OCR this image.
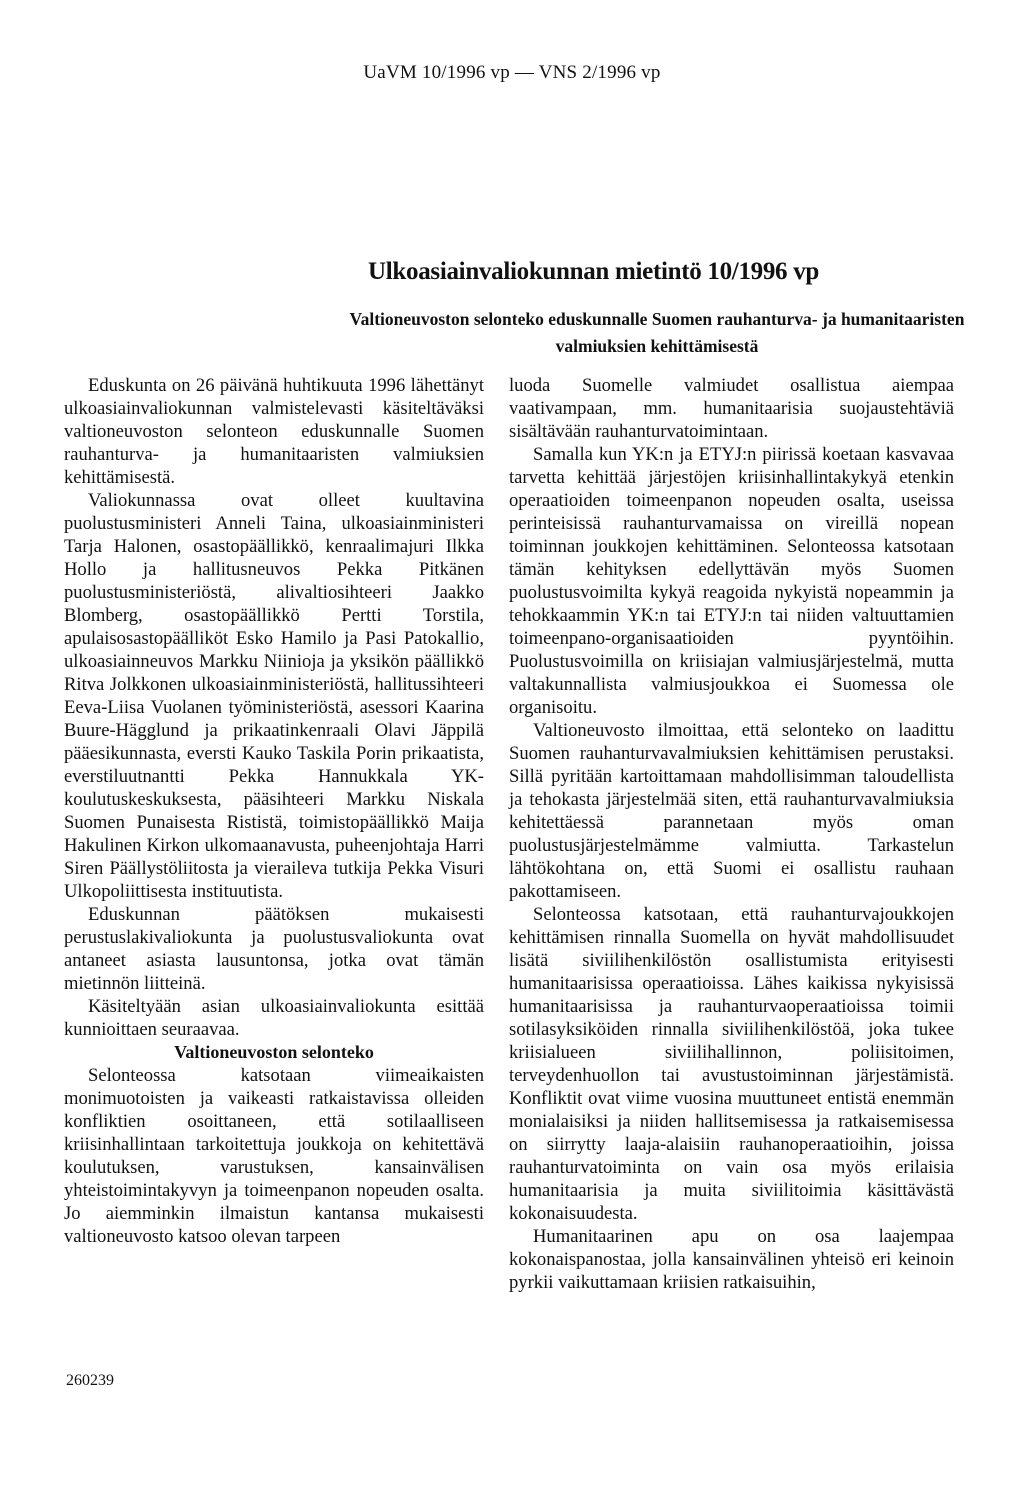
UaVM 10/1996 vp — VNS 2/1996 vp
Ulkoasiainvaliokunnan mietintö 10/1996 vp
Valtioneuvoston selonteko eduskunnalle Suomen rauhanturva- ja humanitaaristen valmiuksien kehittämisestä

Eduskunta on 26 päivänä huhtikuuta 1996 lähettänyt ulkoasiainvaliokunnan valmistelevasti käsiteltäväksi valtioneuvoston selonteon eduskunnalle Suomen rauhanturva- ja humanitaaristen valmiuksien kehittämisestä.

Valiokunnassa ovat olleet kuultavina puolustusministeri Anneli Taina, ulkoasiainministeri Tarja Halonen, osastopäällikkö, kenraalimajuri Ilkka Hollo ja hallitusneuvos Pekka Pitkänen puolustusministeriöstä, alivaltiosihteeri Jaakko Blomberg, osastopäällikkö Pertti Torstila, apulaisosastopäälliköt Esko Hamilo ja Pasi Patokallio, ulkoasiainneuvos Markku Niinioja ja yksikön päällikkö Ritva Jolkkonen ulkoasiainministeriöstä, hallitussihteeri Eeva-Liisa Vuolanen työministeriöstä, asessori Kaarina Buure-Hägglund ja prikaatinkenraali Olavi Jäppilä pääesikunnasta, eversti Kauko Taskila Porin prikaatista, everstiluutnantti Pekka Hannukkala YK-koulutuskeskuksesta, pääsihteeri Markku Niskala Suomen Punaisesta Rististä, toimistopäällikkö Maija Hakulinen Kirkon ulkomaanavusta, puheenjohtaja Harri Siren Päällystöliitosta ja vieraileva tutkija Pekka Visuri Ulkopoliittisesta instituutista.

Eduskunnan päätöksen mukaisesti perustuslakivaliokunta ja puolustusvaliokunta ovat antaneet asiasta lausuntonsa, jotka ovat tämän mietinnön liitteinä.

Käsiteltyään asian ulkoasiainvaliokunta esittää kunnioittaen seuraavaa.

Valtioneuvoston selonteko

Selonteossa katsotaan viimeaikaisten monimuotoisten ja vaikeasti ratkaistavissa olleiden konfliktien osoittaneen, että sotilaalliseen kriisinhallintaan tarkoitettuja joukkoja on kehitettävä koulutuksen, varustuksen, kansainvälisen yhteistoimintakyvyn ja toimeenpanon nopeuden osalta. Jo aiemminkin ilmaistun kantansa mukaisesti valtioneuvosto katsoo olevan tarpeen

luoda Suomelle valmiudet osallistua aiempaa vaativampaan, mm. humanitaarisia suojaustehtäviä sisältävään rauhanturvatoimintaan.

Samalla kun YK:n ja ETYJ:n piirissä koetaan kasvavaa tarvetta kehittää järjestöjen kriisinhallintakykyä etenkin operaatioiden toimeenpanon nopeuden osalta, useissa perinteisissä rauhanturvamaissa on vireillä nopean toiminnan joukkojen kehittäminen. Selonteossa katsotaan tämän kehityksen edellyttävän myös Suomen puolustusvoimilta kykyä reagoida nykyistä nopeammin ja tehokkaammin YK:n tai ETYJ:n tai niiden valtuuttamien toimeenpano-organisaatioiden pyyntöihin. Puolustusvoimilla on kriisiajan valmiusjärjestelmä, mutta valtakunnallista valmiusjoukkoa ei Suomessa ole organisoitu.

Valtioneuvosto ilmoittaa, että selonteko on laadittu Suomen rauhanturvavalmiuksien kehittämisen perustaksi. Sillä pyritään kartoittamaan mahdollisimman taloudellista ja tehokasta järjestelmää siten, että rauhanturvavalmiuksia kehitettäessä parannetaan myös oman puolustusjärjestelmämme valmiutta. Tarkastelun lähtökohtana on, että Suomi ei osallistu rauhaan pakottamiseen.

Selonteossa katsotaan, että rauhanturvajoukkojen kehittämisen rinnalla Suomella on hyvät mahdollisuudet lisätä siviilihenkilöstön osallistumista erityisesti humanitaarisissa operaatioissa. Lähes kaikissa nykyisissä humanitaarisissa ja rauhanturvaoperaatioissa toimii sotilasyksiköiden rinnalla siviilihenkilöstöä, joka tukee kriisialueen siviilihallinnon, poliisitoimen, terveydenhuollon tai avustustoiminnan järjestämistä. Konfliktit ovat viime vuosina muuttuneet entistä enemmän monialaisiksi ja niiden hallitsemisessa ja ratkaisemisessa on siirrytty laaja-alaisiin rauhanoperaatioihin, joissa rauhanturvatoiminta on vain osa myös erilaisia humanitaarisia ja muita siviilitoimia käsittävästä kokonaisuudesta.

Humanitaarinen apu on osa laajempaa kokonaispanostaa, jolla kansainvälinen yhteisö eri keinoin pyrkii vaikuttamaan kriisien ratkaisuihin,

260239
